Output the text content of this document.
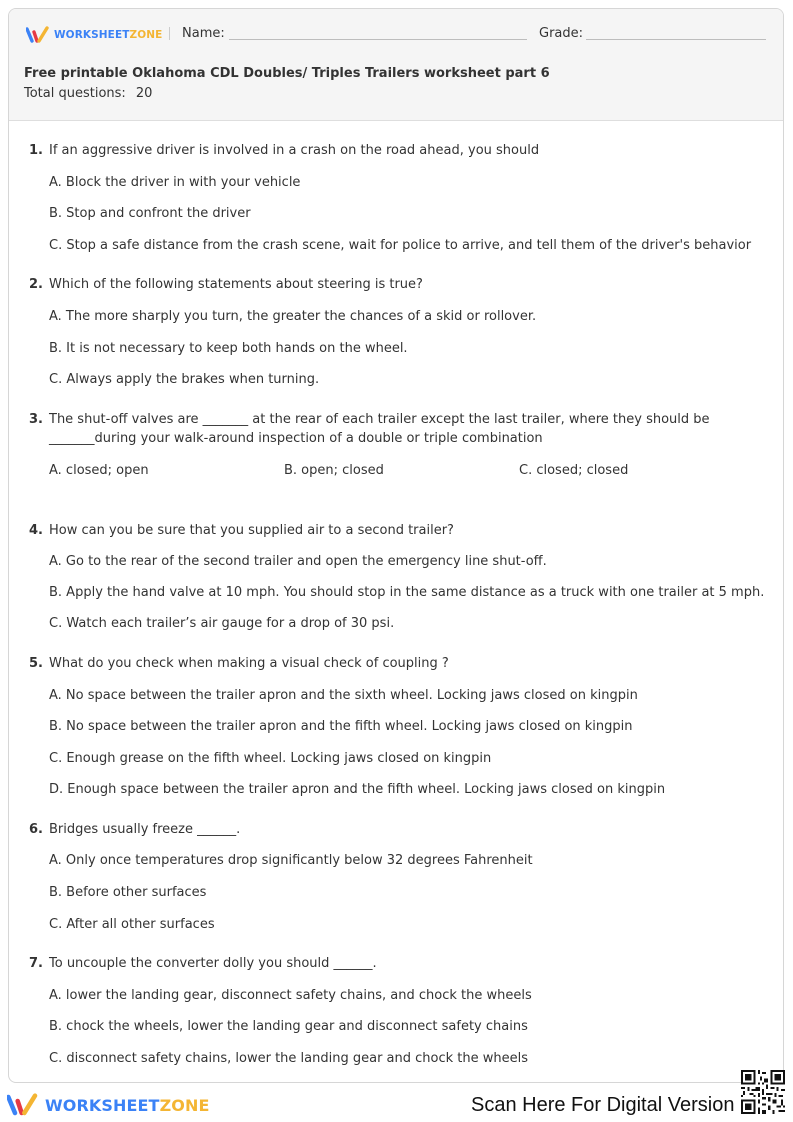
WORKSHEETZONE Name:	Grade:
Free printable Oklahoma CDL Doubles/ Triples Trailers worksheet part 6
Total questions: 20
1. If an aggressive driver is involved in a crash on the road ahead, you should
A. Block the driver in with your vehicle
B. Stop and confront the driver
C. Stop a safe distance from the crash scene, wait for police to arrive, and tell them of the driver's behavior
2. Which of the following statements about steering is true?
A. The more sharply you turn, the greater the chances of a skid or rollover.
B. It is not necessary to keep both hands on the wheel.
C. Always apply the brakes when turning.
3. The shut-off valves are _______ at the rear of each trailer except the last trailer, where they should be _______during your walk-around inspection of a double or triple combination
A. closed; open	B. open; closed	C. closed; closed
4. How can you be sure that you supplied air to a second trailer?
A. Go to the rear of the second trailer and open the emergency line shut-off.
B. Apply the hand valve at 10 mph. You should stop in the same distance as a truck with one trailer at 5 mph.
C. Watch each trailer’s air gauge for a drop of 30 psi.
5. What do you check when making a visual check of coupling ?
A. No space between the trailer apron and the sixth wheel. Locking jaws closed on kingpin
B. No space between the trailer apron and the fifth wheel. Locking jaws closed on kingpin
C. Enough grease on the fifth wheel. Locking jaws closed on kingpin
D. Enough space between the trailer apron and the fifth wheel. Locking jaws closed on kingpin
6. Bridges usually freeze ______.
A. Only once temperatures drop significantly below 32 degrees Fahrenheit
B. Before other surfaces
C. After all other surfaces
7. To uncouple the converter dolly you should ______.
A. lower the landing gear, disconnect safety chains, and chock the wheels
B. chock the wheels, lower the landing gear and disconnect safety chains
C. disconnect safety chains, lower the landing gear and chock the wheels
WORKSHEETZONE	Scan Here For Digital Version
